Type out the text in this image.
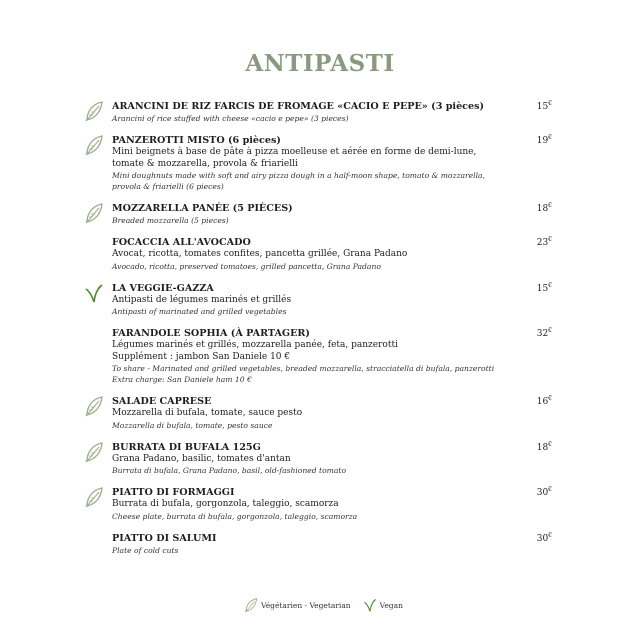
ANTIPASTI
ARANCINI DE RIZ FARCIS DE FROMAGE «CACIO E PEPE» (3 pièces)
Arancini of rice stuffed with cheese «cacio e pepe» (3 pieces)
15€
PANZEROTTI MISTO (6 pièces)
Mini beignets à base de pâte à pizza moelleuse et aérée en forme de demi-lune,
tomate & mozzarella, provola & friarielli
Mini doughnuts made with soft and airy pizza dough in a half-moon shape, tomato & mozzarella,
provola & friarielli (6 pieces)
19€
MOZZARELLA PANÉE (5 PIÈCES)
Breaded mozzarella (5 pieces)
18€
FOCACCIA ALL'AVOCADO
Avocat, ricotta, tomates confites, pancetta grillée, Grana Padano
Avocado, ricotta, preserved tomatoes, grilled pancetta, Grana Padano
23€
LA VEGGIE-GAZZA
Antipasti de légumes marinés et grillés
Antipasti of marinated and grilled vegetables
15€
FARANDOLE SOPHIA (À PARTAGER)
Légumes marinés et grillés, mozzarella panée, feta, panzerotti
Supplément : jambon San Daniele 10 €
To share - Marinated and grilled vegetables, breaded mozzarella, stracciatella di bufala, panzerotti
Extra charge: San Daniele ham 10 €
32€
SALADE CAPRESE
Mozzarella di bufala, tomate, sauce pesto
Mozzarella di bufala, tomate, pesto sauce
16€
BURRATA DI BUFALA 125G
Grana Padano, basilic, tomates d'antan
Burrata di bufala, Grana Padano, basil, old-fashioned tomato
18€
PIATTO DI FORMAGGI
Burrata di bufala, gorgonzola, taleggio, scamorza
Cheese plate, burrata di bufala, gorgonzola, taleggio, scamorza
30€
PIATTO DI SALUMI
Plate of cold cuts
30€
Végétarien - Vegetarian	Vegan
